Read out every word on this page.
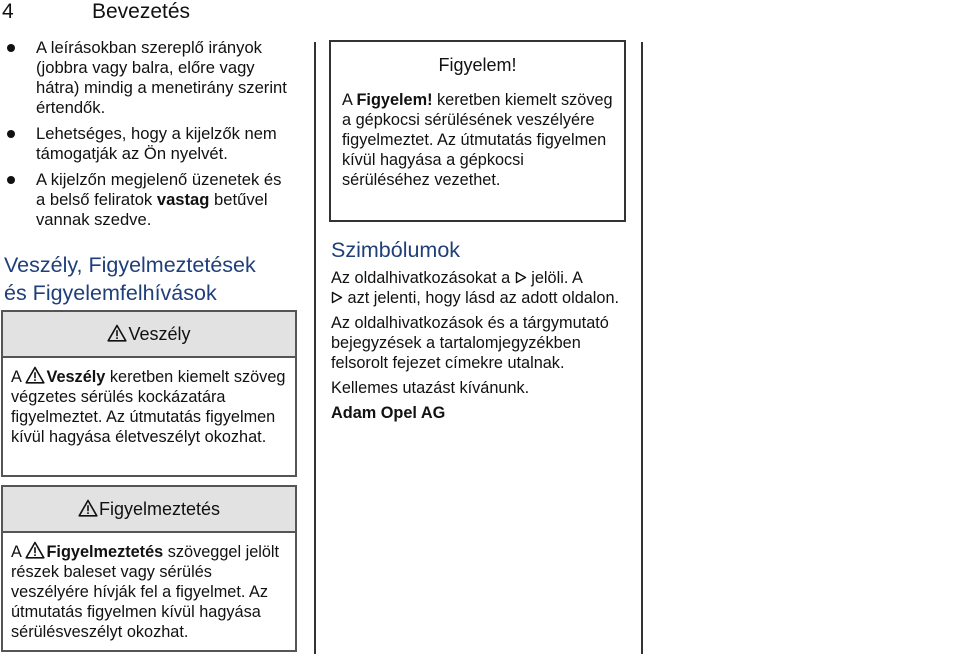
4	Bevezetés
A leírásokban szereplő irányok (jobbra vagy balra, előre vagy hátra) mindig a menetirány szerint értendők.
Lehetséges, hogy a kijelzők nem támogatják az Ön nyelvét.
A kijelzőn megjelenő üzenetek és a belső feliratok vastag betűvel vannak szedve.
Veszély, Figyelmeztetések
és Figyelemfelhívások
Veszély
A Veszély keretben kiemelt szöveg végzetes sérülés kockázatára figyelmeztet. Az útmutatás figyelmen kívül hagyása életveszélyt okozhat.
Figyelmeztetés
A Figyelmeztetés szöveggel jelölt részek baleset vagy sérülés veszélyére hívják fel a figyelmet. Az útmutatás figyelmen kívül hagyása sérülésveszélyt okozhat.
Figyelem!
A Figyelem! keretben kiemelt szöveg a gépkocsi sérülésének veszélyére figyelmeztet. Az útmutatás figyelmen kívül hagyása a gépkocsi sérüléséhez vezethet.
Szimbólumok

Az oldalhivatkozásokat a  jelöli. A
azt jelenti, hogy lásd az adott oldalon.

Az oldalhivatkozások és a tárgymutató bejegyzések a tartalomjegyzékben felsorolt fejezet címekre utalnak.

Kellemes utazást kívánunk.

Adam Opel AG
